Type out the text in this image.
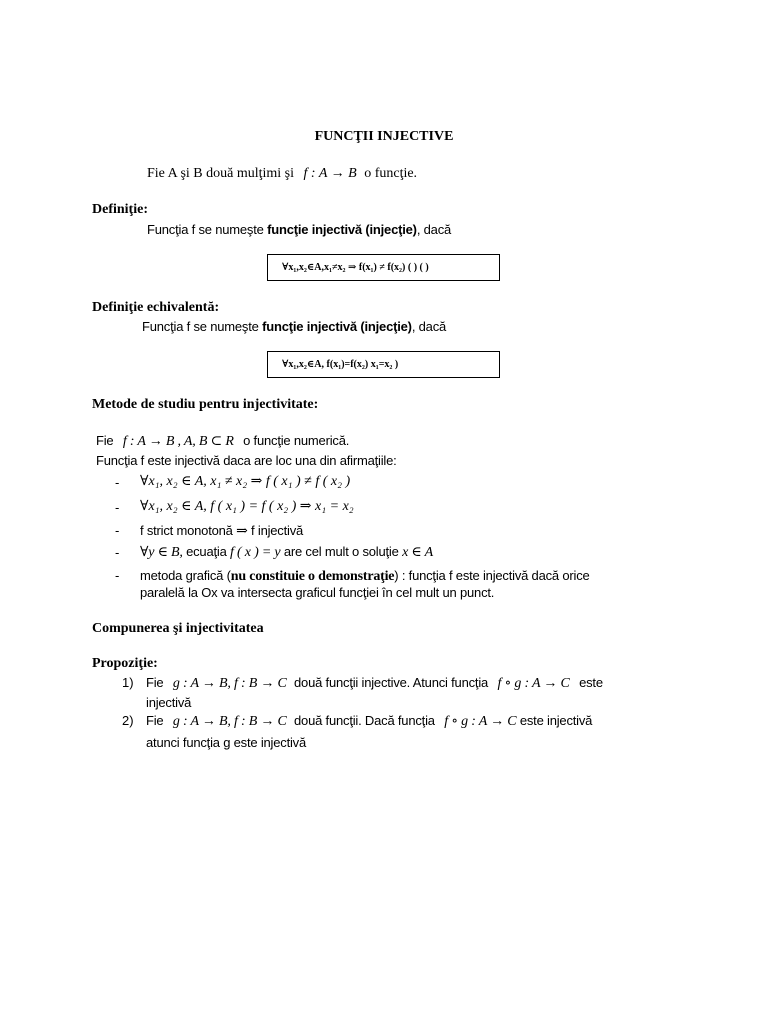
FUNCŢII INJECTIVE
Fie A şi B două mulţimi şi f : A → B o funcţie.
Definiţie:
Funcţia f se numeşte funcţie injectivă (injecţie), dacă
∀x₁,x₂∈A,x₁≠x₂ ⇒ f(x₁) ≠ f(x₂) ( ) ( )
Definiţie echivalentă:
Funcţia f se numeşte funcţie injectivă (injecţie), dacă
∀x₁,x₂∈A, f(x₁)=f(x₂) x₁=x₂ )
Metode de studiu pentru injectivitate:
Fie f : A → B , A, B ⊂ R o funcţie numerică.
Funcţia f este injectivă daca are loc una din afirmaţiile:
- ∀x₁, x₂ ∈ A, x₁ ≠ x₂ ⇒ f ( x₁ ) ≠ f ( x₂ )
- ∀x₁, x₂ ∈ A, f ( x₁ ) = f ( x₂ ) ⇒ x₁ = x₂
- f strict monotonă ⇒ f injectivă
- ∀y ∈ B, ecuaţia f ( x ) = y are cel mult o soluţie x ∈ A
- metoda grafică (nu constituie o demonstraţie) : funcţia f este injectivă dacă orice
paralelă la Ox va intersecta graficul funcţiei în cel mult un punct.
Compunerea şi injectivitatea
Propoziţie:
1) Fie g : A → B, f : B → C două funcţii injective. Atunci funcţia f ∘ g : A → C este
injectivă
2) Fie g : A → B, f : B → C două funcţii. Dacă funcţia f ∘ g : A → C este injectivă
atunci funcţia g este injectivă
